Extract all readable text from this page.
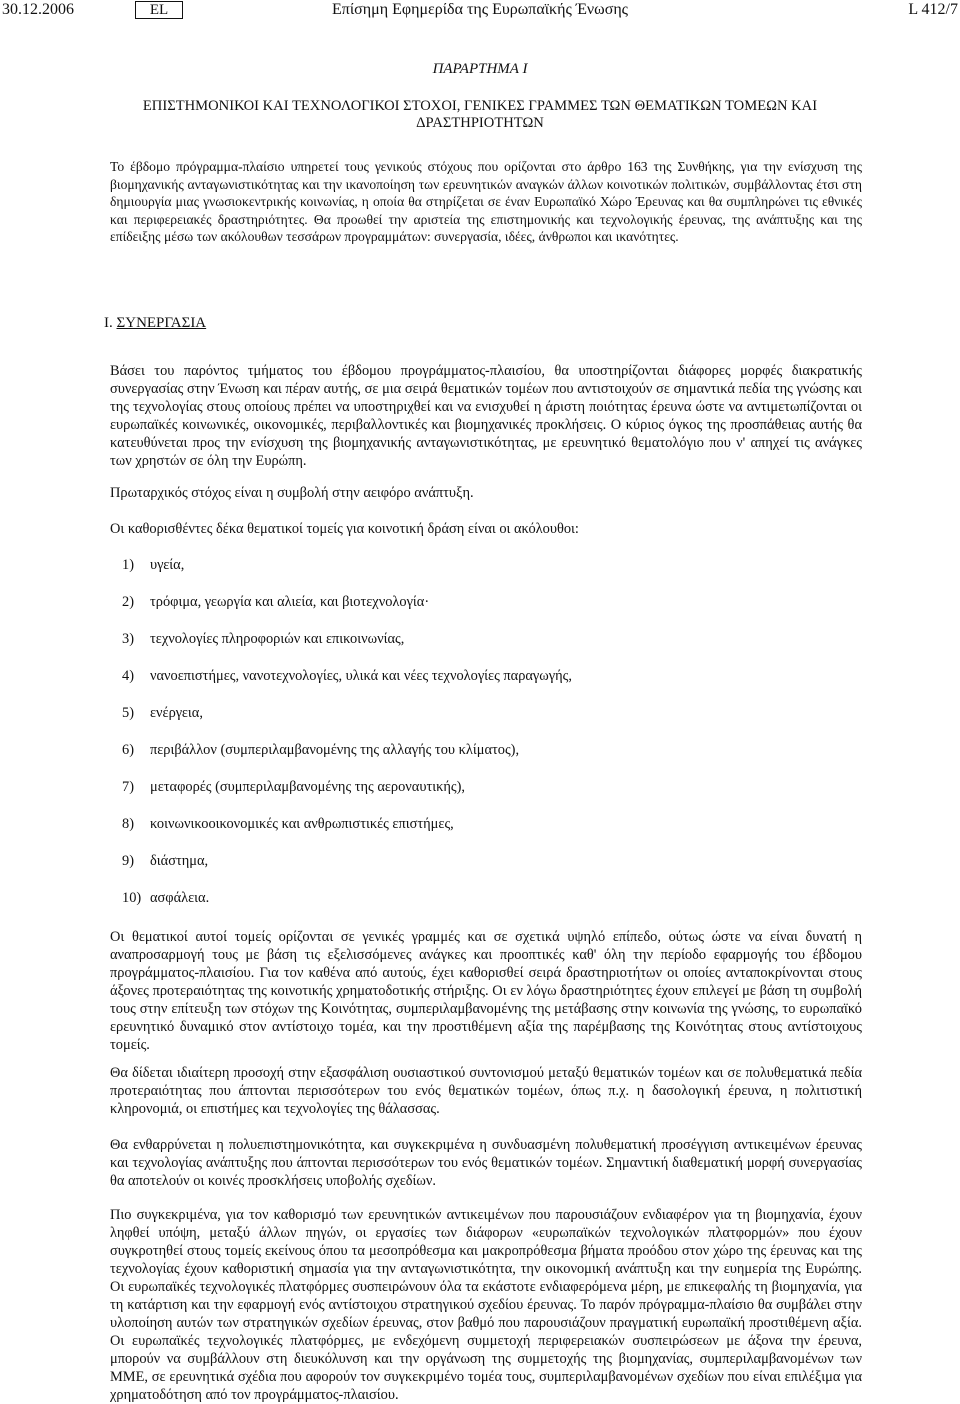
30.12.2006	Επίσημη Εφημερίδα της Ευρωπαϊκής Ένωσης
EL	L 412/7
ΠΑΡΑΡΤΗΜΑ I
ΕΠΙΣΤΗΜΟΝΙΚΟΙ ΚΑΙ ΤΕΧΝΟΛΟΓΙΚΟΙ ΣΤΟΧΟΙ, ΓΕΝΙΚΕΣ ΓΡΑΜΜΕΣ ΤΩΝ ΘΕΜΑΤΙΚΩΝ ΤΟΜΕΩΝ ΚΑΙ ΔΡΑΣΤΗΡΙΟΤΗΤΩΝ

Το έβδομο πρόγραμμα-πλαίσιο υπηρετεί τους γενικούς στόχους που ορίζονται στο άρθρο 163 της Συνθήκης, για την ενίσχυση της βιομηχανικής ανταγωνιστικότητας και την ικανοποίηση των ερευνητικών αναγκών άλλων κοινοτικών πολιτικών, συμβάλλοντας έτσι στη δημιουργία μιας γνωσιοκεντρικής κοινωνίας, η οποία θα στηρίζεται σε έναν Ευρωπαϊκό Χώρο Έρευνας και θα συμπληρώνει τις εθνικές και περιφερειακές δραστηριότητες. Θα προωθεί την αριστεία της επιστημονικής και τεχνολογικής έρευνας, της ανάπτυξης και της επίδειξης μέσω των ακόλουθων τεσσάρων προγραμμάτων: συνεργασία, ιδέες, άνθρωποι και ικανότητες.

I. ΣΥΝΕΡΓΑΣΙΑ

Βάσει του παρόντος τμήματος του έβδομου προγράμματος-πλαισίου, θα υποστηρίζονται διάφορες μορφές διακρατικής συνεργασίας στην Ένωση και πέραν αυτής, σε μια σειρά θεματικών τομέων που αντιστοιχούν σε σημαντικά πεδία της γνώσης και της τεχνολογίας στους οποίους πρέπει να υποστηριχθεί και να ενισχυθεί η άριστη ποιότητας έρευνα ώστε να αντιμετωπίζονται οι ευρωπαϊκές κοινωνικές, οικονομικές, περιβαλλοντικές και βιομηχανικές προκλήσεις. Ο κύριος όγκος της προσπάθειας αυτής θα κατευθύνεται προς την ενίσχυση της βιομηχανικής ανταγωνιστικότητας, με ερευνητικό θεματολόγιο που ν' απηχεί τις ανάγκες των χρηστών σε όλη την Ευρώπη.

Πρωταρχικός στόχος είναι η συμβολή στην αειφόρο ανάπτυξη.

Οι καθορισθέντες δέκα θεματικοί τομείς για κοινοτική δράση είναι οι ακόλουθοι:

1) υγεία,
2) τρόφιμα, γεωργία και αλιεία, και βιοτεχνολογία·
3) τεχνολογίες πληροφοριών και επικοινωνίας,
4) νανοεπιστήμες, νανοτεχνολογίες, υλικά και νέες τεχνολογίες παραγωγής,
5) ενέργεια,
6) περιβάλλον (συμπεριλαμβανομένης της αλλαγής του κλίματος),
7) μεταφορές (συμπεριλαμβανομένης της αεροναυτικής),
8) κοινωνικοοικονομικές και ανθρωπιστικές επιστήμες,
9) διάστημα,
10) ασφάλεια.

Οι θεματικοί αυτοί τομείς ορίζονται σε γενικές γραμμές και σε σχετικά υψηλό επίπεδο, ούτως ώστε να είναι δυνατή η αναπροσαρμογή τους με βάση τις εξελισσόμενες ανάγκες και προοπτικές καθ' όλη την περίοδο εφαρμογής του έβδομου προγράμματος-πλαισίου. Για τον καθένα από αυτούς, έχει καθορισθεί σειρά δραστηριοτήτων οι οποίες ανταποκρίνονται στους άξονες προτεραιότητας της κοινοτικής χρηματοδοτικής στήριξης. Οι εν λόγω δραστηριότητες έχουν επιλεγεί με βάση τη συμβολή τους στην επίτευξη των στόχων της Κοινότητας, συμπεριλαμβανομένης της μετάβασης στην κοινωνία της γνώσης, το ευρωπαϊκό ερευνητικό δυναμικό στον αντίστοιχο τομέα, και την προστιθέμενη αξία της παρέμβασης της Κοινότητας στους αντίστοιχους τομείς.

Θα δίδεται ιδιαίτερη προσοχή στην εξασφάλιση ουσιαστικού συντονισμού μεταξύ θεματικών τομέων και σε πολυθεματικά πεδία προτεραιότητας που άπτονται περισσότερων του ενός θεματικών τομέων, όπως π.χ. η δασολογική έρευνα, η πολιτιστική κληρονομιά, οι επιστήμες και τεχνολογίες της θάλασσας.

Θα ενθαρρύνεται η πολυεπιστημονικότητα, και συγκεκριμένα η συνδυασμένη πολυθεματική προσέγγιση αντικειμένων έρευνας και τεχνολογίας ανάπτυξης που άπτονται περισσότερων του ενός θεματικών τομέων. Σημαντική διαθεματική μορφή συνεργασίας θα αποτελούν οι κοινές προσκλήσεις υποβολής σχεδίων.

Πιο συγκεκριμένα, για τον καθορισμό των ερευνητικών αντικειμένων που παρουσιάζουν ενδιαφέρον για τη βιομηχανία, έχουν ληφθεί υπόψη, μεταξύ άλλων πηγών, οι εργασίες των διάφορων «ευρωπαϊκών τεχνολογικών πλατφορμών» που έχουν συγκροτηθεί στους τομείς εκείνους όπου τα μεσοπρόθεσμα και μακροπρόθεσμα βήματα προόδου στον χώρο της έρευνας και της τεχνολογίας έχουν καθοριστική σημασία για την ανταγωνιστικότητα, την οικονομική ανάπτυξη και την ευημερία της Ευρώπης. Οι ευρωπαϊκές τεχνολογικές πλατφόρμες συσπειρώνουν όλα τα εκάστοτε ενδιαφερόμενα μέρη, με επικεφαλής τη βιομηχανία, για τη κατάρτιση και την εφαρμογή ενός αντίστοιχου στρατηγικού σχεδίου έρευνας. Το παρόν πρόγραμμα-πλαίσιο θα συμβάλει στην υλοποίηση αυτών των στρατηγικών σχεδίων έρευνας, στον βαθμό που παρουσιάζουν πραγματική ευρωπαϊκή προστιθέμενη αξία. Οι ευρωπαϊκές τεχνολογικές πλατφόρμες, με ενδεχόμενη συμμετοχή περιφερειακών συσπειρώσεων με άξονα την έρευνα, μπορούν να συμβάλλουν στη διευκόλυνση και την οργάνωση της συμμετοχής της βιομηχανίας, συμπεριλαμβανομένων των ΜΜΕ, σε ερευνητικά σχέδια που αφορούν τον συγκεκριμένο τομέα τους, συμπεριλαμβανομένων σχεδίων που είναι επιλέξιμα για χρηματοδότηση από τον προγράμματος-πλαισίου.
